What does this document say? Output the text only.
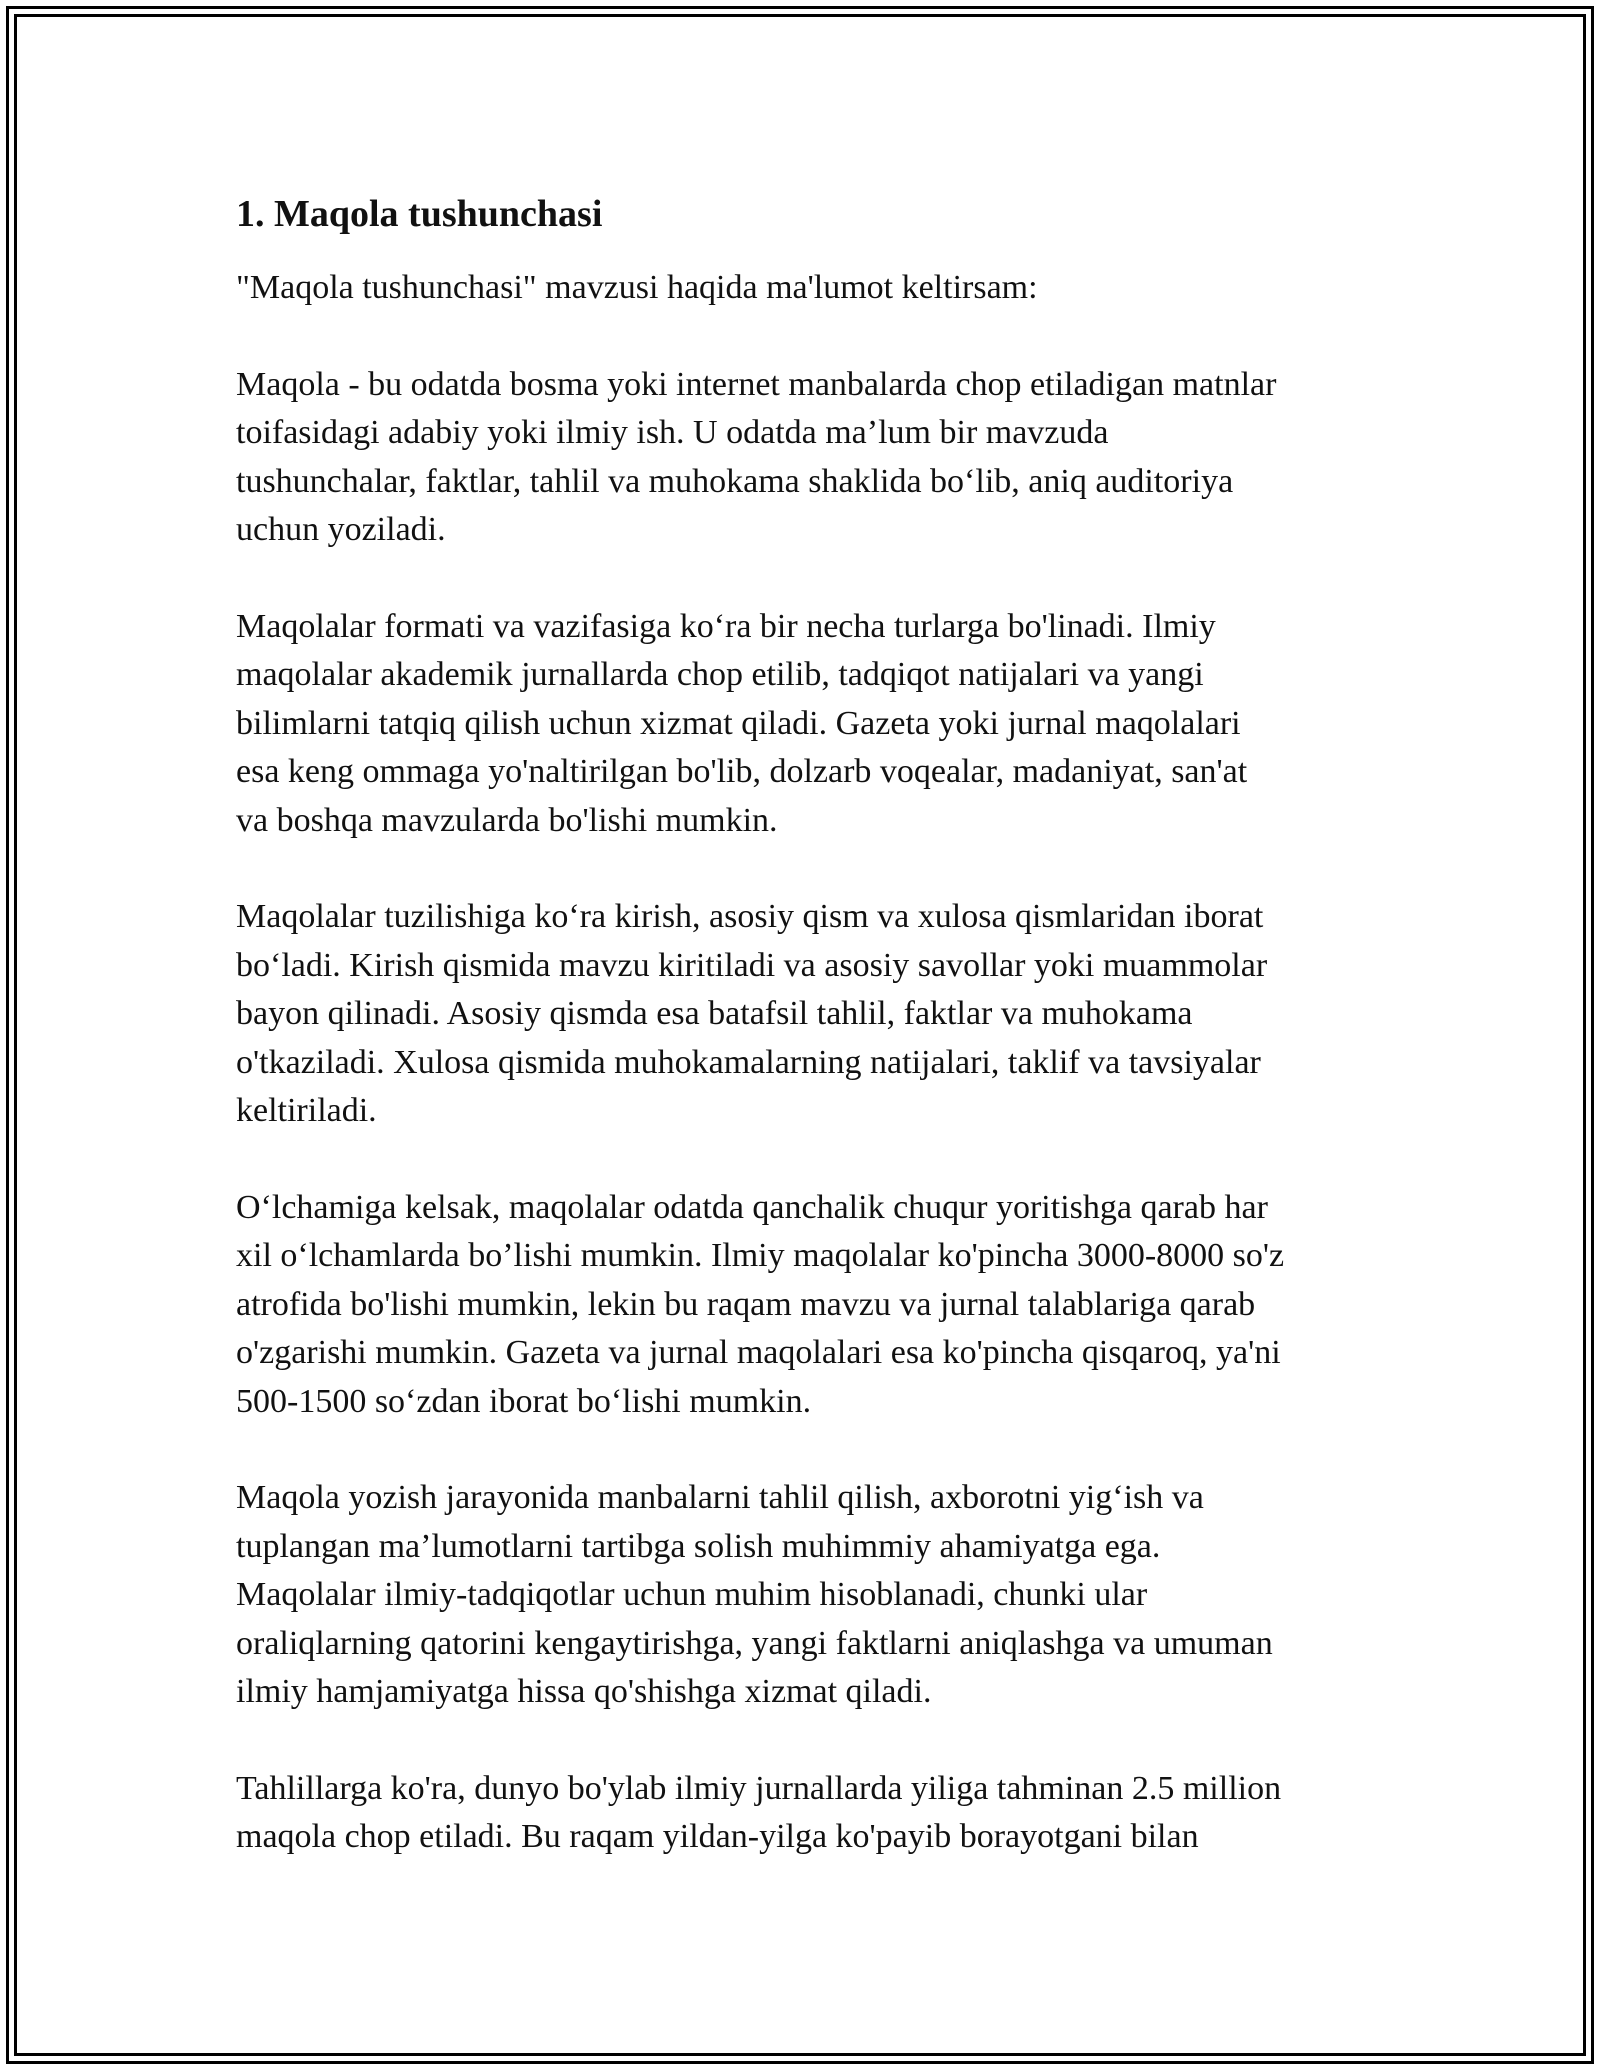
1. Maqola tushunchasi

"Maqola tushunchasi" mavzusi haqida ma'lumot keltirsam:

Maqola - bu odatda bosma yoki internet manbalarda chop etiladigan matnlar
toifasidagi adabiy yoki ilmiy ish. U odatda ma’lum bir mavzuda
tushunchalar, faktlar, tahlil va muhokama shaklida bo‘lib, aniq auditoriya
uchun yoziladi.

Maqolalar formati va vazifasiga ko‘ra bir necha turlarga bo'linadi. Ilmiy
maqolalar akademik jurnallarda chop etilib, tadqiqot natijalari va yangi
bilimlarni tatqiq qilish uchun xizmat qiladi. Gazeta yoki jurnal maqolalari
esa keng ommaga yo'naltirilgan bo'lib, dolzarb voqealar, madaniyat, san'at
va boshqa mavzularda bo'lishi mumkin.

Maqolalar tuzilishiga ko‘ra kirish, asosiy qism va xulosa qismlaridan iborat
bo‘ladi. Kirish qismida mavzu kiritiladi va asosiy savollar yoki muammolar
bayon qilinadi. Asosiy qismda esa batafsil tahlil, faktlar va muhokama
o'tkaziladi. Xulosa qismida muhokamalarning natijalari, taklif va tavsiyalar
keltiriladi.

O‘lchamiga kelsak, maqolalar odatda qanchalik chuqur yoritishga qarab har
xil o‘lchamlarda bo’lishi mumkin. Ilmiy maqolalar ko'pincha 3000-8000 so'z
atrofida bo'lishi mumkin, lekin bu raqam mavzu va jurnal talablariga qarab
o'zgarishi mumkin. Gazeta va jurnal maqolalari esa ko'pincha qisqaroq, ya'ni
500-1500 so‘zdan iborat bo‘lishi mumkin.

Maqola yozish jarayonida manbalarni tahlil qilish, axborotni yig‘ish va
tuplangan ma’lumotlarni tartibga solish muhimmiy ahamiyatga ega.
Maqolalar ilmiy-tadqiqotlar uchun muhim hisoblanadi, chunki ular
oraliqlarning qatorini kengaytirishga, yangi faktlarni aniqlashga va umuman
ilmiy hamjamiyatga hissa qo'shishga xizmat qiladi.

Tahlillarga ko'ra, dunyo bo'ylab ilmiy jurnallarda yiliga tahminan 2.5 million
maqola chop etiladi. Bu raqam yildan-yilga ko'payib borayotgani bilan
